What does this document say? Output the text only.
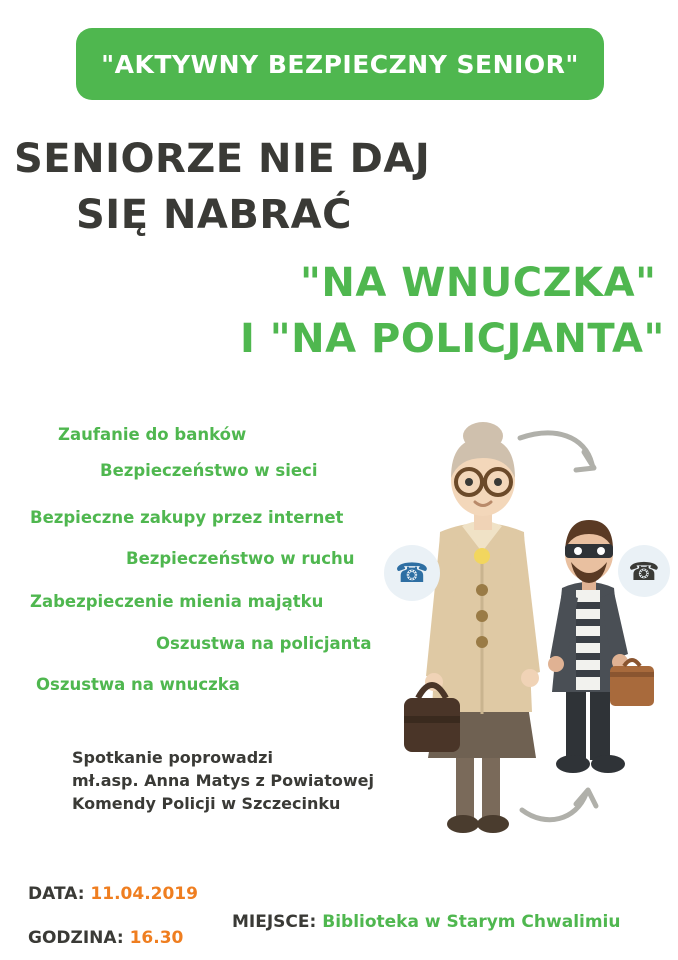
"AKTYWNY BEZPIECZNY SENIOR"
SENIORZE NIE DAJ
SIĘ NABRAĆ
"NA WNUCZKA"
I "NA POLICJANTA"
Zaufanie do banków
Bezpieczeństwo w sieci
Bezpieczne zakupy przez internet
Bezpieczeństwo w ruchu
Zabezpieczenie mienia majątku
Oszustwa na policjanta
Oszustwa na wnuczka
Spotkanie poprowadzi
mł.asp. Anna Matys z Powiatowej
Komendy Policji w Szczecinku
DATA: 11.04.2019
GODZINA: 16.30
MIEJSCE: Biblioteka w Starym Chwalimiu
☎	☎
